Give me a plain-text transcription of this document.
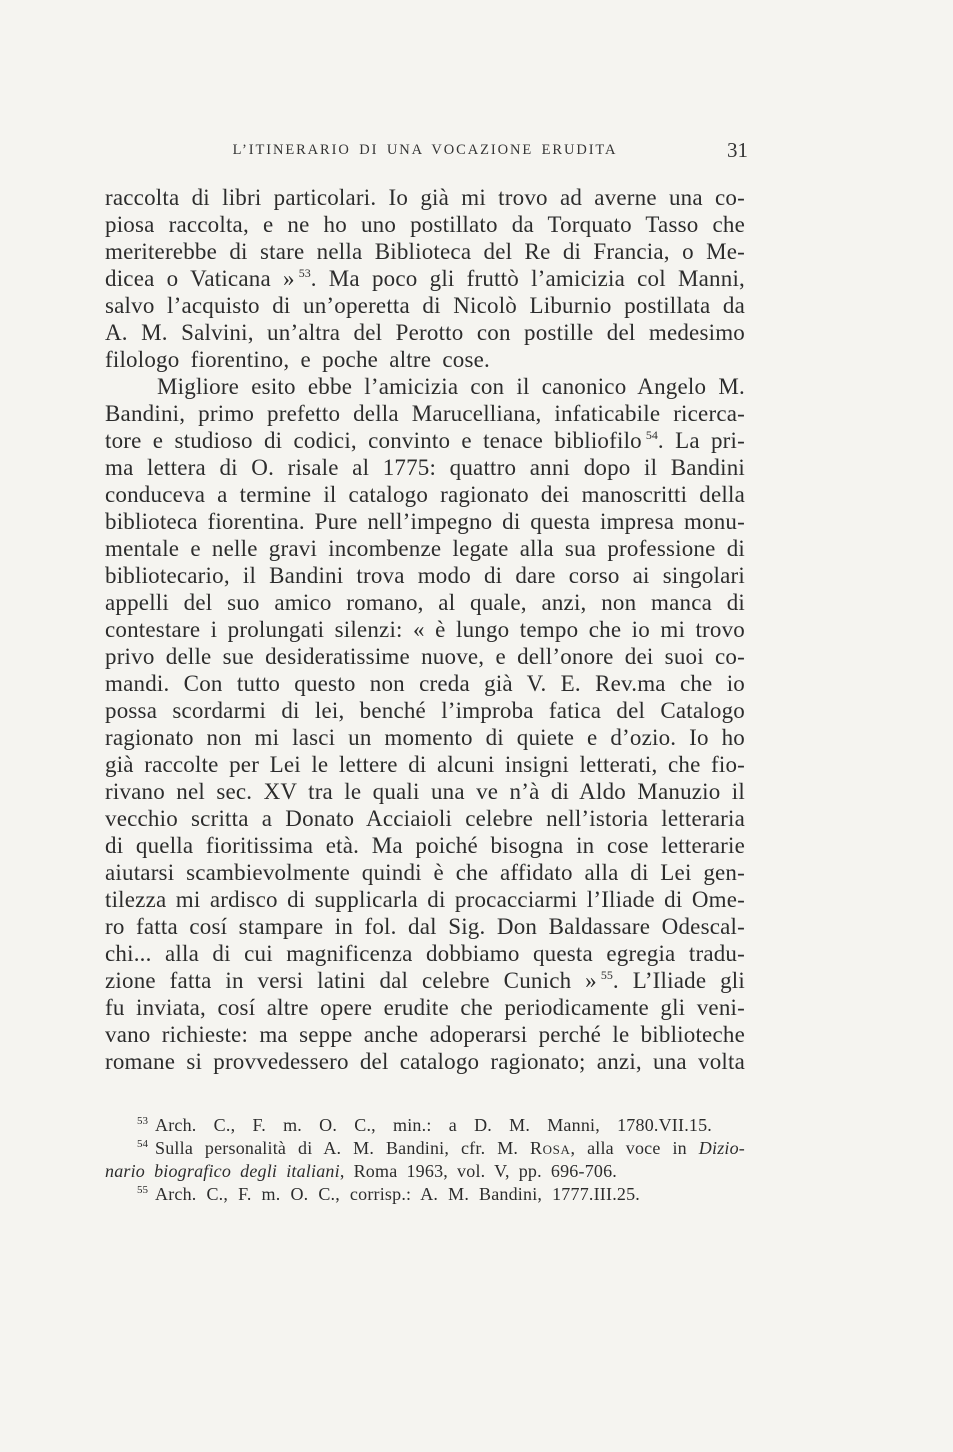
L’ITINERARIO DI UNA VOCAZIONE ERUDITA	31
raccolta di libri particolari. Io già mi trovo ad averne una co-
piosa raccolta, e ne ho uno postillato da Torquato Tasso che
meriterebbe di stare nella Biblioteca del Re di Francia, o Me-
dicea o Vaticana » $^{53}$. Ma poco gli fruttò l’amicizia col Manni,
salvo l’acquisto di un’operetta di Nicolò Liburnio postillata da
A. M. Salvini, un’altra del Perotto con postille del medesimo
filologo fiorentino, e poche altre cose.
Migliore esito ebbe l’amicizia con il canonico Angelo M.
Bandini, primo prefetto della Marucelliana, infaticabile ricerca-
tore e studioso di codici, convinto e tenace bibliofilo $^{54}$. La pri-
ma lettera di O. risale al 1775: quattro anni dopo il Bandini
conduceva a termine il catalogo ragionato dei manoscritti della
biblioteca fiorentina. Pure nell’impegno di questa impresa monu-
mentale e nelle gravi incombenze legate alla sua professione di
bibliotecario, il Bandini trova modo di dare corso ai singolari
appelli del suo amico romano, al quale, anzi, non manca di
contestare i prolungati silenzi: « è lungo tempo che io mi trovo
privo delle sue desideratissime nuove, e dell’onore dei suoi co-
mandi. Con tutto questo non creda già V. E. Rev.ma che io
possa scordarmi di lei, benché l’improba fatica del Catalogo
ragionato non mi lasci un momento di quiete e d’ozio. Io ho
già raccolte per Lei le lettere di alcuni insigni letterati, che fio-
rivano nel sec. XV tra le quali una ve n’à di Aldo Manuzio il
vecchio scritta a Donato Acciaioli celebre nell’istoria letteraria
di quella fioritissima età. Ma poiché bisogna in cose letterarie
aiutarsi scambievolmente quindi è che affidato alla di Lei gen-
tilezza mi ardisco di supplicarla di procacciarmi l’Iliade di Ome-
ro fatta cosí stampare in fol. dal Sig. Don Baldassare Odescal-
chi... alla di cui magnificenza dobbiamo questa egregia tradu-
zione fatta in versi latini dal celebre Cunich » $^{55}$. L’Iliade gli
fu inviata, cosí altre opere erudite che periodicamente gli veni-
vano richieste: ma seppe anche adoperarsi perché le biblioteche
romane si provvedessero del catalogo ragionato; anzi, una volta
$^{53}$ Arch. C., F. m. O. C., min.: a D. M. Manni, 1780.VII.15.
$^{54}$ Sulla personalità di A. M. Bandini, cfr. M. Rosa, alla voce in Dizio-
nario biografico degli italiani, Roma 1963, vol. V, pp. 696-706.
$^{55}$ Arch. C., F. m. O. C., corrisp.: A. M. Bandini, 1777.III.25.
